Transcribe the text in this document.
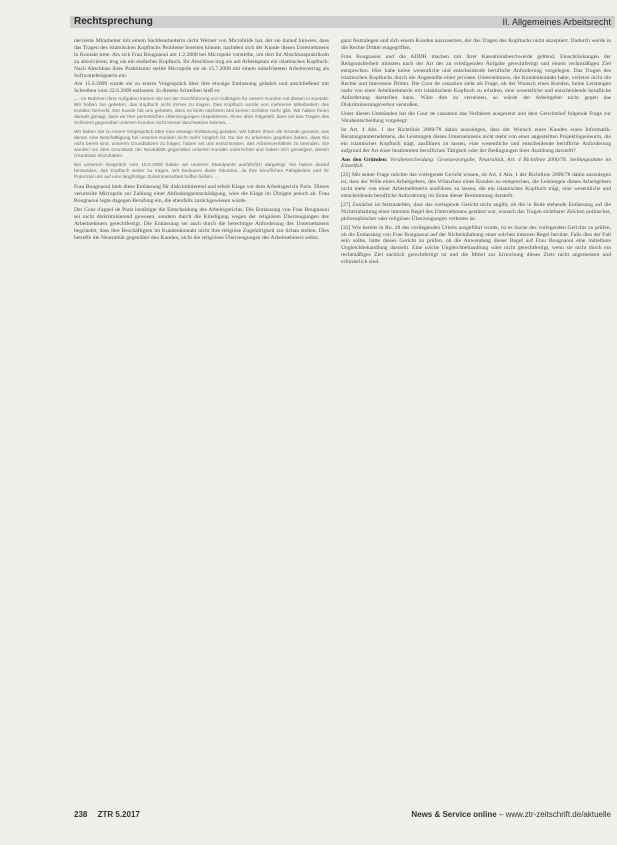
Rechtsprechung	II. Allgemeines Arbeitsrecht

nervierte Mitarbeiter mit einem Sachbearbeiterin nicht Werner von Microbilde hat, der sie darauf hinwies, dass das Tragen des islamischen Kopftuchs Probleme bereiten könnte, nachdem sich der Kunde dieses Unternehmens in Kontakt trete. Als sich Frau Bougnaoui am 1.2.2008 bei Micropole vorstellte, um dort ihr Abschlusspraktikum zu absolvieren, trug sie ein einfaches Kopftuch. Ihr Abschluss trug sie am Arbeitsplatz ein islamisches Kopftuch. Nach Abschluss ihres Praktikums stellte Micropole sie ab 15.7.2008 mit einem unbefristeten Arbeitsvertrag als Softwaredesignerin ein.

Am 15.6.2009 wurde sie zu einem Vorgespräch über ihre etwaige Entlassung geladen und anschließend mit Schreiben vom 22.6.2009 entlassen. In diesem Schreiben hieß es:

„... Im Rahmen Ihrer Aufgaben kamen Sie bei der Durchführung von Aufträgen für unsere Kunden mit diesen in Kontakt. Wir haben Sie gebeten, das Kopftuch nicht immer zu tragen. Das Kopftuch wurde von mehreren Mitarbeitern des Kunden bemerkt. Der Kunde hat uns gebeten, dass es beim nächsten Mal keinen Schleier mehr gibt. Wir haben Ihnen damals gesagt, dass wir Ihre persönlichen Überzeugungen respektieren, Ihnen aber mitgeteilt, dass wir das Tragen des Schleiers gegenüber unseren Kunden nicht immer durchsetzen können, ...

Wir haben Sie zu einem Vorgespräch über eine etwaige Entlassung geladen. Wir haben Ihnen die Gründe genannt, aus denen eine Beschäftigung bei unseren Kunden nicht mehr möglich ist. Da Sie zu erkennen gegeben haben, dass Sie nicht bereit sind, unseren Grundsätzen zu folgen, haben wir uns entschlossen, das Arbeitsverhältnis zu beenden. Sie wurden vor dem Grundsatz der Neutralität gegenüber unseren Kunden unterrichtet und haben sich geweigert, diesen Grundsatz einzuhalten.

Bei unserem Gespräch vom 15.6.2009 haben wir unseren Standpunkt ausführlich dargelegt. Sie haben darauf bestanden, das Kopftuch weiter zu tragen. Wir bedauern diese Situation, da Ihre beruflichen Fähigkeiten und Ihr Potenzial uns auf eine langfristige Zusammenarbeit hoffen ließen. ...

Frau Bougnaoui hielt diese Entlassung für diskriminierend und erhob Klage vor dem Arbeitsgericht Paris. Dieses verurteilte Micropole zur Zahlung einer Abfindungsentschädigung, wies die Klage im Übrigen jedoch ab. Frau Bougnaoui legte dagegen Berufung ein, die ebenfalls zurückgewiesen wurde.

Der Cour d'appel de Paris bestätigte die Entscheidung des Arbeitsgerichts. Die Entlassung von Frau Bougnaoui sei nicht diskriminierend gewesen, sondern durch die Kündigung wegen der religiösen Überzeugungen des Arbeitnehmers gerechtfertigt. Die Entlassung sei auch durch die berechtigte Anforderung des Unternehmens begründet, dass ihre Beschäftigten im Kundenkontakt nicht ihre religiöse Zugehörigkeit zur Schau stellen. Dies betreffe die Neutralität gegenüber den Kunden, nicht die religiösen Überzeugungen des Arbeitnehmers selbst.

ganz festzulegen und sich einem Kunden auszusetzen, der das Tragen des Kopftuchs nicht akzeptiert. Dadurch werde in die Rechte Dritter eingegriffen.

Frau Bougnaoui und die ADDH machen mit ihrer Kassationsbeschwerde geltend, Einschränkungen der Religionsfreiheit müssten nach der Art der zu erledigenden Aufgabe gerechtfertigt und einem rechtmäßigen Ziel entsprechen. Hier habe keine wesentliche und entscheidende berufliche Anforderung vorgelegen. Das Tragen des islamischen Kopftuchs durch die Angestellte einer privaten Unternehmens, die Kundenkontakt habe, verletze nicht die Rechte und Interessen Dritter. Die Cour de cassation sieht als Frage, ob der Wunsch eines Kunden, keine Leistungen mehr von einer Arbeitnehmerin mit islamischem Kopftuch zu erhalten, eine wesentliche und entscheidende berufliche Anforderung darstellen kann. Wäre dies zu verneinen, so würde der Arbeitgeber nicht gegen das Diskriminierungsverbot verstoßen.

Unter diesen Umständen hat die Cour de cassation das Verfahren ausgesetzt und dem Gerichtshof folgende Frage zur Vorabentscheidung vorgelegt:

Ist Art. 4 Abs. 1 der Richtlinie 2000/78 dahin auszulegen, dass der Wunsch eines Kunden eines Informatik-Beratungsunternehmens, die Leistungen dieses Unternehmens nicht mehr von einer angestellten Projektingenieurin, die ein islamisches Kopftuch trägt, ausführen zu lassen, eine wesentliche und entscheidende berufliche Anforderung aufgrund der Art einer bestimmten beruflichen Tätigkeit oder der Bedingungen ihrer Ausübung darstellt?

Aus den Gründen: Vorabentscheidung: Gesetzesvorgabe, Neutralität, Art. 4 Richtlinie 2000/78. Stellungnahme im Einzelfall.

[25] Mit seiner Frage möchte das vorlegende Gericht wissen, ob Art. 4 Abs. 1 der Richtlinie 2000/78 dahin auszulegen ist, dass der Wille eines Arbeitgebers, den Wünschen eines Kunden zu entsprechen, die Leistungen dieses Arbeitgebers nicht mehr von einer Arbeitnehmerin ausführen zu lassen, die ein islamisches Kopftuch trägt, eine wesentliche und entscheidende berufliche Anforderung im Sinne dieser Bestimmung darstellt.

[27] Zunächst ist festzustellen, dass das vorlegende Gericht nicht angibt, ob die in Rede stehende Entlassung auf die Nichteinhaltung einer internen Regel des Unternehmens gestützt war, wonach das Tragen sichtbarer Zeichen politischer, philosophischer oder religiöser Überzeugungen verboten ist.

[32] Wie bereits in Rn. 28 des vorliegenden Urteils ausgeführt wurde, ist es Sache des vorlegenden Gerichts zu prüfen, ob die Entlassung von Frau Bougnaoui auf der Nichteinhaltung einer solchen internen Regel beruhte. Falls dies der Fall sein sollte, hätte dieses Gericht zu prüfen, ob die Anwendung dieser Regel auf Frau Bougnaoui eine mittelbare Ungleichbehandlung darstellt. Eine solche Ungleichbehandlung wäre nicht gerechtfertigt, wenn sie nicht durch ein rechtmäßiges Ziel sachlich gerechtfertigt ist und die Mittel zur Erreichung dieses Ziels nicht angemessen und erforderlich sind.

238 ZTR 5.2017	News & Service online – www.ztr-zeitschrift.de/aktuelle
